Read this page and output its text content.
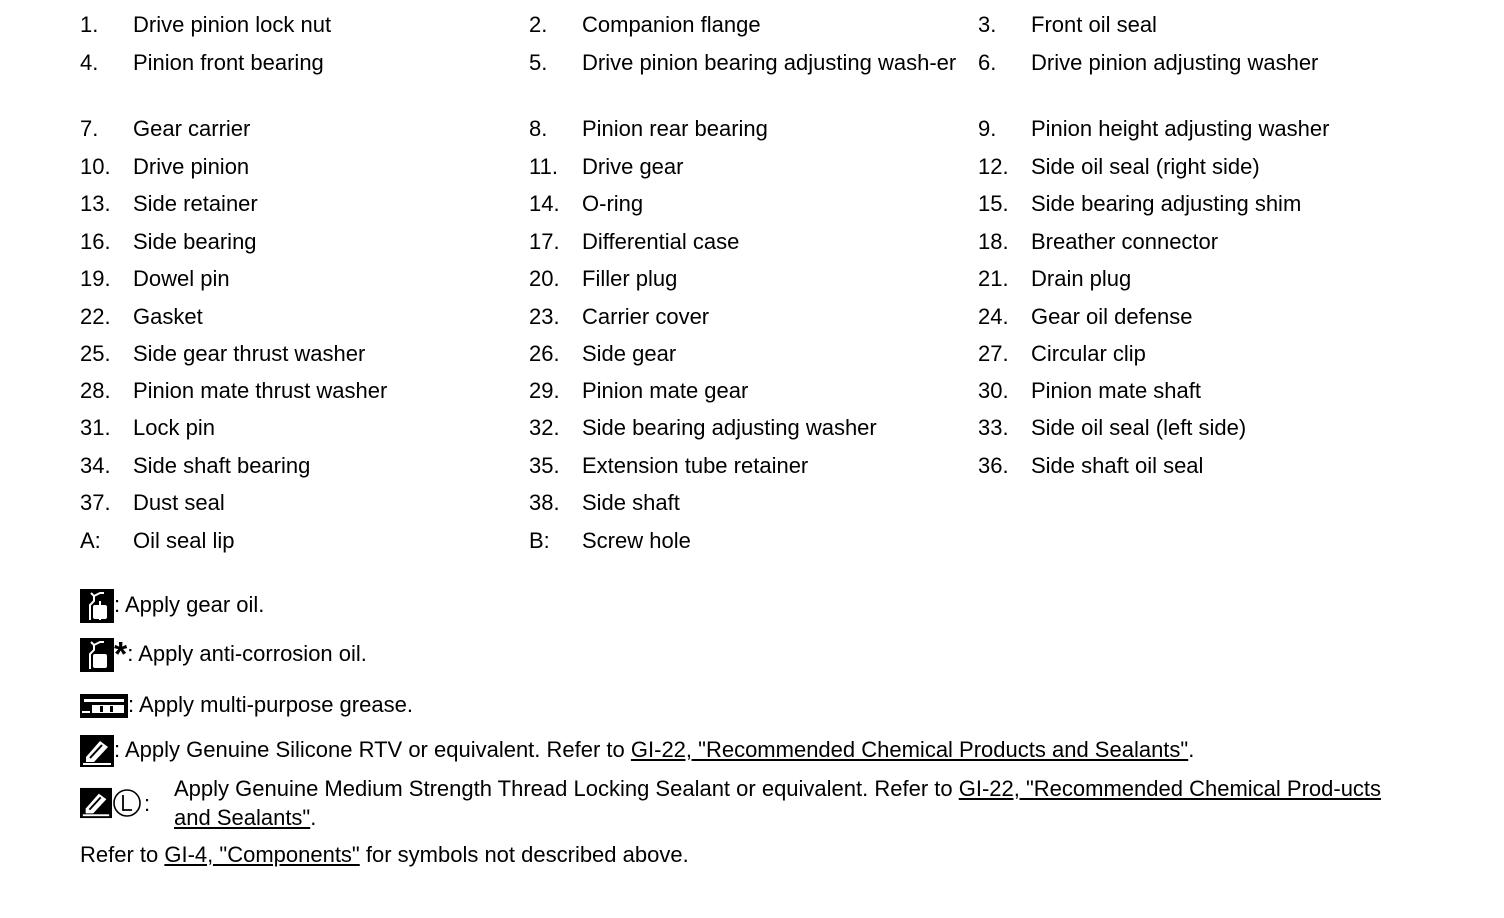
1.	Drive pinion lock nut	2.	Companion flange	3.	Front oil seal
4.	Pinion front bearing	5.	Drive pinion bearing adjusting wash-er 6.	Drive pinion adjusting washer
7.	Gear carrier	8.	Pinion rear bearing	9.	Pinion height adjusting washer
10.	Drive pinion	11.	Drive gear	12.	Side oil seal (right side)
13.	Side retainer	14.	O-ring	15.	Side bearing adjusting shim
16.	Side bearing	17.	Differential case	18.	Breather connector
19.	Dowel pin	20.	Filler plug	21.	Drain plug
22.	Gasket	23.	Carrier cover	24.	Gear oil defense
25.	Side gear thrust washer	26.	Side gear	27.	Circular clip
28.	Pinion mate thrust washer	29.	Pinion mate gear	30.	Pinion mate shaft
31.	Lock pin	32.	Side bearing adjusting washer	33.	Side oil seal (left side)
34.	Side shaft bearing	35.	Extension tube retainer	36.	Side shaft oil seal
37.	Dust seal	38.	Side shaft
A:	Oil seal lip	B:	Screw hole
: Apply gear oil.
*: Apply anti-corrosion oil.
: Apply multi-purpose grease.
: Apply Genuine Silicone RTV or equivalent. Refer to GI-22, "Recommended Chemical Products and Sealants".
:
Apply Genuine Medium Strength Thread Locking Sealant or equivalent. Refer to GI-22, "Recommended Chemical Prod-ucts and Sealants".
Refer to GI-4, "Components" for symbols not described above.
